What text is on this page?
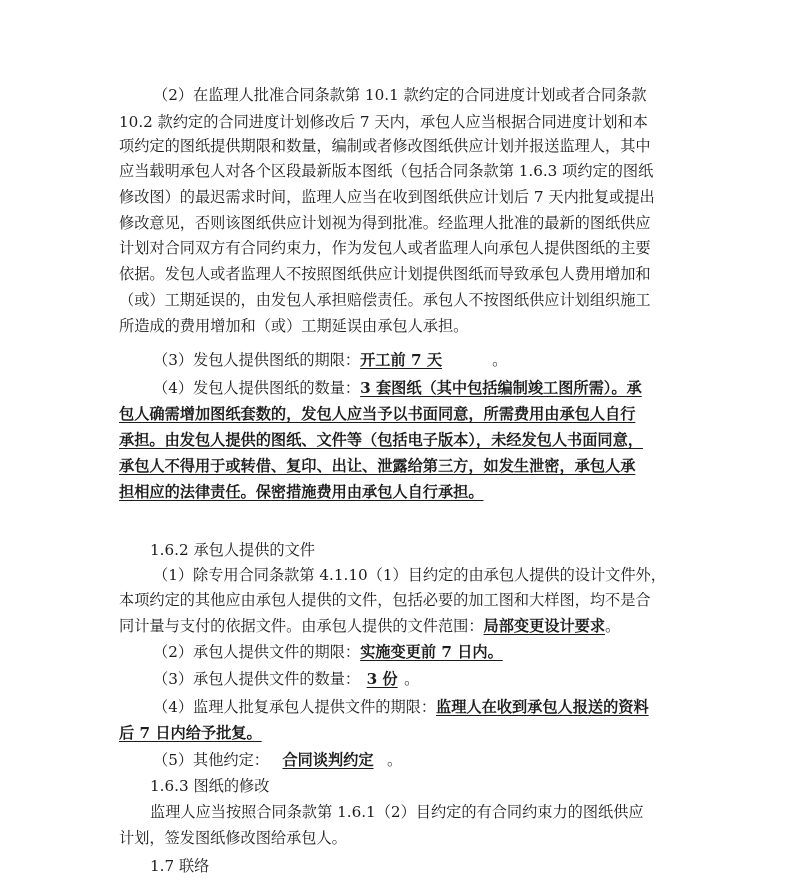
（2）在监理人批准合同条款第 10.1 款约定的合同进度计划或者合同条款
10.2 款约定的合同进度计划修改后 7 天内，承包人应当根据合同进度计划和本
项约定的图纸提供期限和数量，编制或者修改图纸供应计划并报送监理人，其中
应当载明承包人对各个区段最新版本图纸（包括合同条款第 1.6.3 项约定的图纸
修改图）的最迟需求时间，监理人应当在收到图纸供应计划后 7 天内批复或提出
修改意见，否则该图纸供应计划视为得到批准。经监理人批准的最新的图纸供应
计划对合同双方有合同约束力，作为发包人或者监理人向承包人提供图纸的主要
依据。发包人或者监理人不按照图纸供应计划提供图纸而导致承包人费用增加和
（或）工期延误的，由发包人承担赔偿责任。承包人不按图纸供应计划组织施工
所造成的费用增加和（或）工期延误由承包人承担。
（3）发包人提供图纸的期限：开工前 7 天	。
（4）发包人提供图纸的数量：3 套图纸（其中包括编制竣工图所需）。承
包人确需增加图纸套数的，发包人应当予以书面同意，所需费用由承包人自行
承担。由发包人提供的图纸、文件等（包括电子版本），未经发包人书面同意，
承包人不得用于或转借、复印、出让、泄露给第三方，如发生泄密，承包人承
担相应的法律责任。保密措施费用由承包人自行承担。
1.6.2 承包人提供的文件
（1）除专用合同条款第 4.1.10（1）目约定的由承包人提供的设计文件外，
本项约定的其他应由承包人提供的文件，包括必要的加工图和大样图，均不是合
同计量与支付的依据文件。由承包人提供的文件范围：局部变更设计要求。
（2）承包人提供文件的期限：实施变更前 7 日内。
（3）承包人提供文件的数量： 3 份 。
（4）监理人批复承包人提供文件的期限：监理人在收到承包人报送的资料
后 7 日内给予批复。
（5）其他约定： 合同谈判约定 。
1.6.3 图纸的修改
监理人应当按照合同条款第 1.6.1（2）目约定的有合同约束力的图纸供应
计划，签发图纸修改图给承包人。
1.7 联络
